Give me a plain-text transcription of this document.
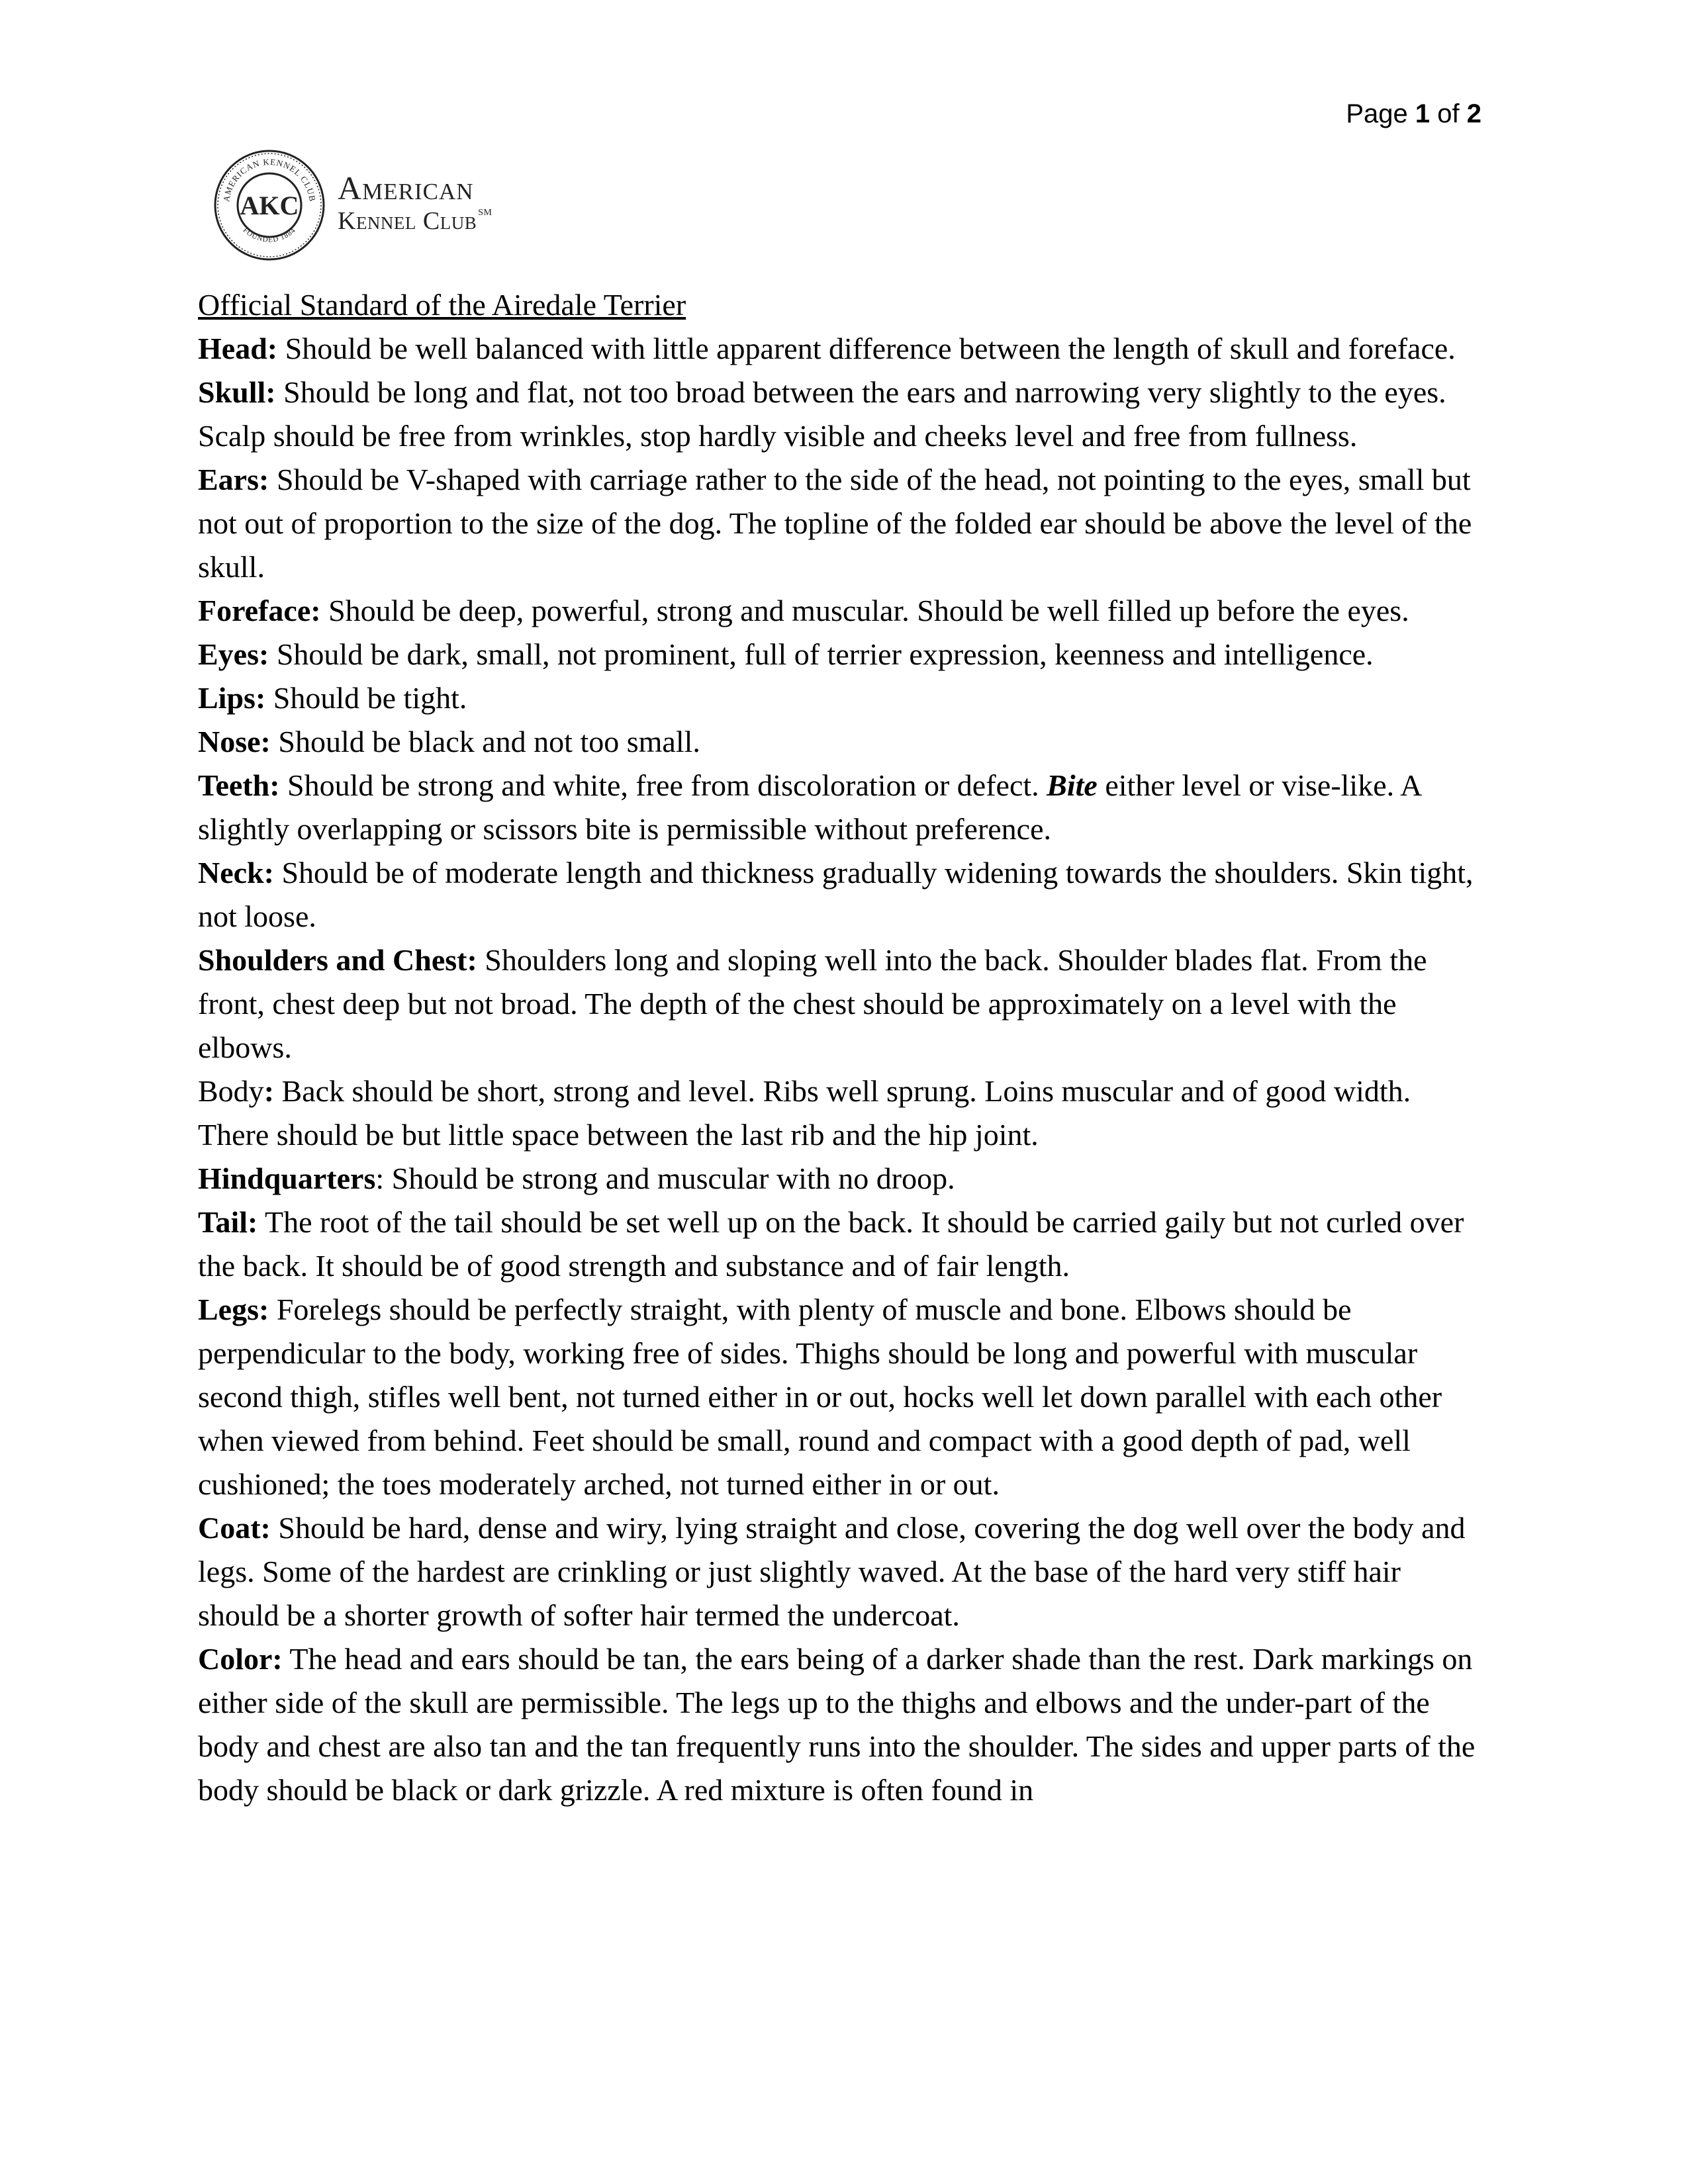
Page 1 of 2
AMERICAN KENNEL CLUB
FOUNDED 1884
AKC American
Kennel Club ℠
Official Standard of the Airedale Terrier

Head: Should be well balanced with little apparent difference between the length of skull and foreface.

Skull: Should be long and flat, not too broad between the ears and narrowing very slightly to the eyes. Scalp should be free from wrinkles, stop hardly visible and cheeks level and free from fullness.

Ears: Should be V-shaped with carriage rather to the side of the head, not pointing to the eyes, small but not out of proportion to the size of the dog. The topline of the folded ear should be above the level of the skull.

Foreface: Should be deep, powerful, strong and muscular. Should be well filled up before the eyes.

Eyes: Should be dark, small, not prominent, full of terrier expression, keenness and intelligence.

Lips: Should be tight.

Nose: Should be black and not too small.

Teeth: Should be strong and white, free from discoloration or defect. Bite either level or vise-like. A slightly overlapping or scissors bite is permissible without preference.

Neck: Should be of moderate length and thickness gradually widening towards the shoulders. Skin tight, not loose.

Shoulders and Chest: Shoulders long and sloping well into the back. Shoulder blades flat. From the front, chest deep but not broad. The depth of the chest should be approximately on a level with the elbows.

Body: Back should be short, strong and level. Ribs well sprung. Loins muscular and of good width. There should be but little space between the last rib and the hip joint.

Hindquarters: Should be strong and muscular with no droop.

Tail: The root of the tail should be set well up on the back. It should be carried gaily but not curled over the back. It should be of good strength and substance and of fair length.

Legs: Forelegs should be perfectly straight, with plenty of muscle and bone. Elbows should be perpendicular to the body, working free of sides. Thighs should be long and powerful with muscular second thigh, stifles well bent, not turned either in or out, hocks well let down parallel with each other when viewed from behind. Feet should be small, round and compact with a good depth of pad, well cushioned; the toes moderately arched, not turned either in or out.

Coat: Should be hard, dense and wiry, lying straight and close, covering the dog well over the body and legs. Some of the hardest are crinkling or just slightly waved. At the base of the hard very stiff hair should be a shorter growth of softer hair termed the undercoat.

Color: The head and ears should be tan, the ears being of a darker shade than the rest. Dark markings on either side of the skull are permissible. The legs up to the thighs and elbows and the under-part of the body and chest are also tan and the tan frequently runs into the shoulder. The sides and upper parts of the body should be black or dark grizzle. A red mixture is often found in
